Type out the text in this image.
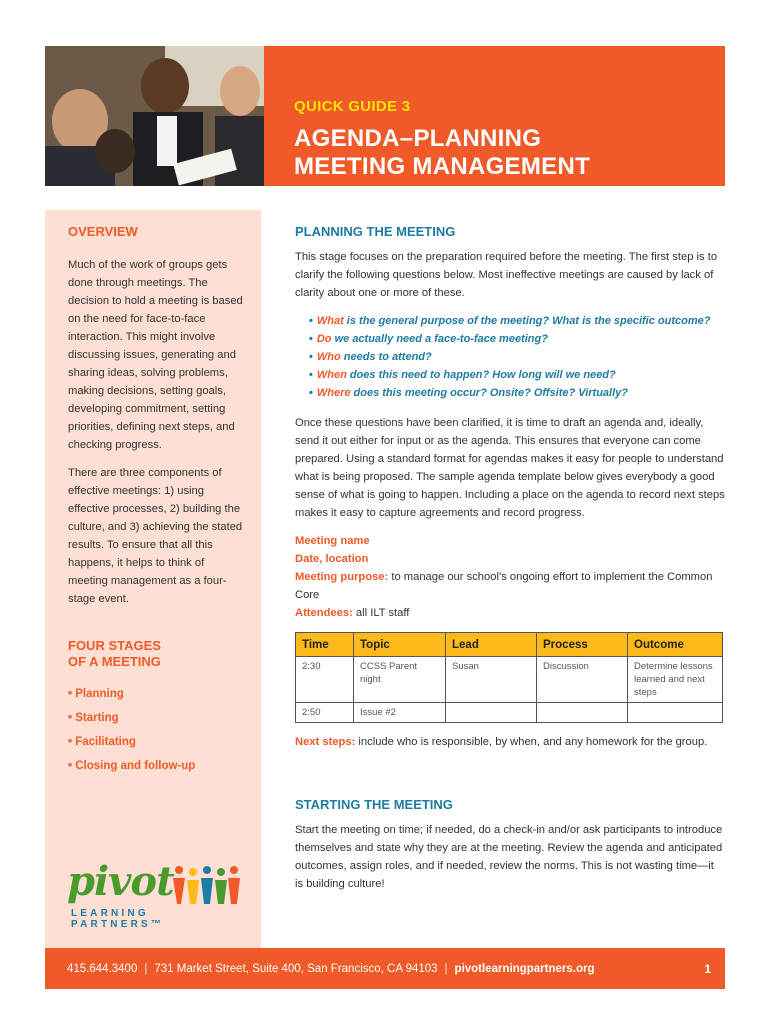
QUICK GUIDE 3
AGENDA–PLANNING
MEETING MANAGEMENT
OVERVIEW

Much of the work of groups gets done through meetings. The decision to hold a meeting is based on the need for face-to-face interaction. This might involve discussing issues, generating and sharing ideas, solving problems, making decisions, setting goals, developing commitment, setting priorities, defining next steps, and checking progress.

There are three components of effective meetings: 1) using effective processes, 2) building the culture, and 3) achieving the stated results. To ensure that all this happens, it helps to think of meeting management as a four-stage event.

FOUR STAGES
OF A MEETING
• Planning
• Starting
• Facilitating
• Closing and follow-up
pivot
LEARNING PARTNERS™
PLANNING THE MEETING

This stage focuses on the preparation required before the meeting. The first step is to clarify the following questions below. Most ineffective meetings are caused by lack of clarity about one or more of these.

• What is the general purpose of the meeting? What is the specific outcome?
• Do we actually need a face-to-face meeting?
• Who needs to attend?
• When does this need to happen? How long will we need?
• Where does this meeting occur? Onsite? Offsite? Virtually?

Once these questions have been clarified, it is time to draft an agenda and, ideally, send it out either for input or as the agenda. This ensures that everyone can come prepared. Using a standard format for agendas makes it easy for people to understand what is being proposed. The sample agenda template below gives everybody a good sense of what is going to happen. Including a place on the agenda to record next steps makes it easy to capture agreements and record progress.

Meeting name
Date, location
Meeting purpose: to manage our school’s ongoing effort to implement the Common Core
Attendees: all ILT staff
Time	Topic	Lead	Process	Outcome
2:30	CCSS Parent night	Susan	Discussion	Determine lessons learned and next steps
2:50	Issue #2			

Next steps: include who is responsible, by when, and any homework for the group.

STARTING THE MEETING

Start the meeting on time; if needed, do a check-in and/or ask participants to introduce themselves and state why they are at the meeting. Review the agenda and anticipated outcomes, assign roles, and if needed, review the norms. This is not wasting time—it is building culture!

415.644.3400 | 731 Market Street, Suite 400, San Francisco, CA 94103 | pivotlearningpartners.org	1
